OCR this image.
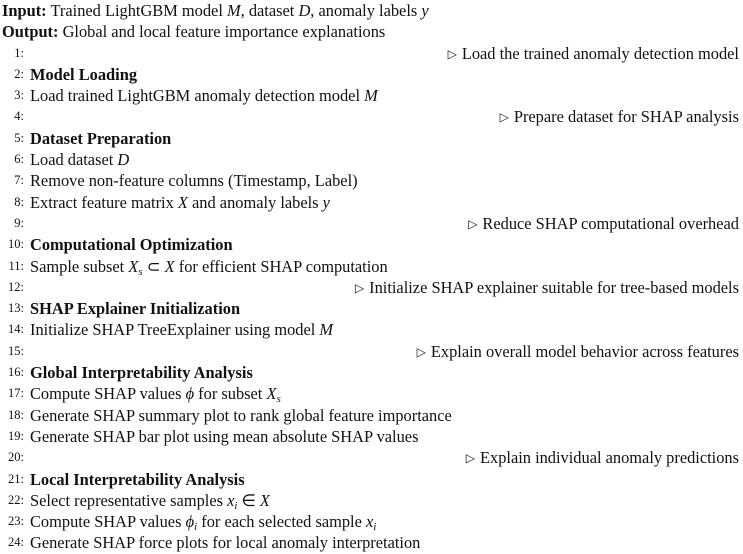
Input: Trained LightGBM model M, dataset D, anomaly labels y
Output: Global and local feature importance explanations
1:	▷ Load the trained anomaly detection model
2: Model Loading
3: Load trained LightGBM anomaly detection model M
4:	▷ Prepare dataset for SHAP analysis
5: Dataset Preparation
6: Load dataset D
7: Remove non-feature columns (Timestamp, Label)
8: Extract feature matrix X and anomaly labels y
9:	▷ Reduce SHAP computational overhead
10: Computational Optimization
11: Sample subset $X_s$ ⊂ X for efficient SHAP computation
12:	▷ Initialize SHAP explainer suitable for tree-based models
13: SHAP Explainer Initialization
14: Initialize SHAP TreeExplainer using model M
15:	▷ Explain overall model behavior across features
16: Global Interpretability Analysis
17: Compute SHAP values ϕ for subset $X_s$
18: Generate SHAP summary plot to rank global feature importance
19: Generate SHAP bar plot using mean absolute SHAP values
20:	▷ Explain individual anomaly predictions
21: Local Interpretability Analysis
22: Select representative samples $x_i$ ∈ X
23: Compute SHAP values $\phi_i$ for each selected sample $x_i$
24: Generate SHAP force plots for local anomaly interpretation
